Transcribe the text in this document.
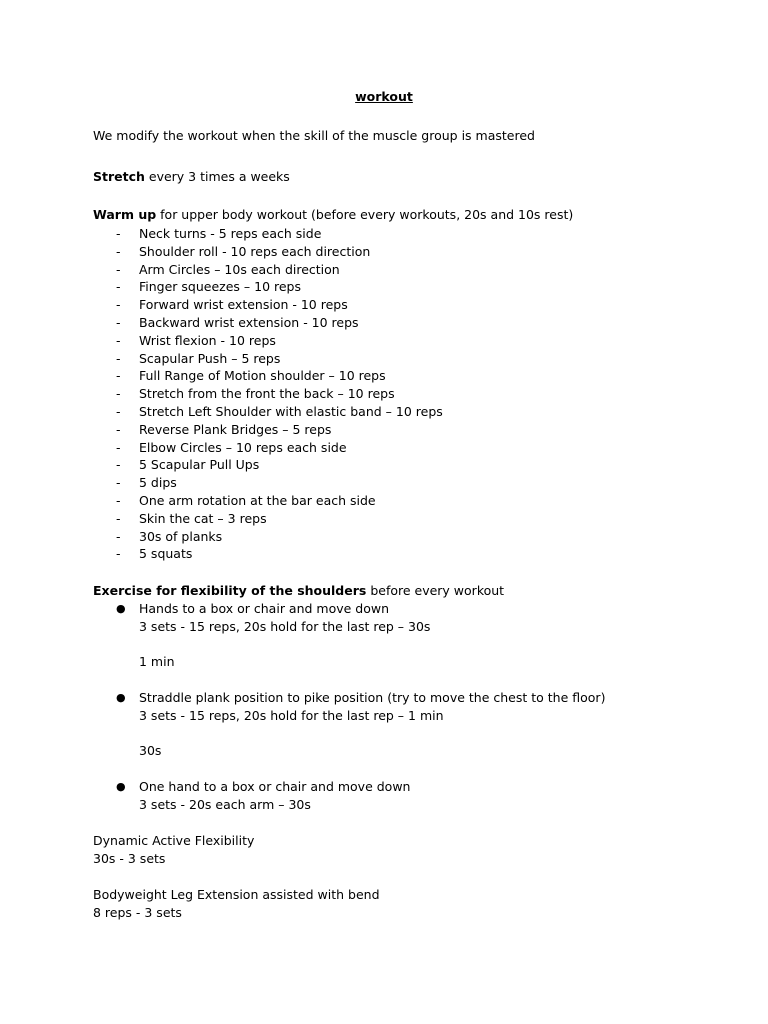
workout
We modify the workout when the skill of the muscle group is mastered
Stretch every 3 times a weeks
Warm up for upper body workout (before every workouts, 20s and 10s rest)
- Neck turns - 5 reps each side
- Shoulder roll - 10 reps each direction
- Arm Circles – 10s each direction
- Finger squeezes – 10 reps
- Forward wrist extension - 10 reps
- Backward wrist extension - 10 reps
- Wrist flexion - 10 reps
- Scapular Push – 5 reps
- Full Range of Motion shoulder – 10 reps
- Stretch from the front the back – 10 reps
- Stretch Left Shoulder with elastic band – 10 reps
- Reverse Plank Bridges – 5 reps
- Elbow Circles – 10 reps each side
- 5 Scapular Pull Ups
- 5 dips
- One arm rotation at the bar each side
- Skin the cat – 3 reps
- 30s of planks
- 5 squats
Exercise for flexibility of the shoulders before every workout
● Hands to a box or chair and move down
3 sets - 15 reps, 20s hold for the last rep – 30s
1 min
● Straddle plank position to pike position (try to move the chest to the floor)
3 sets - 15 reps, 20s hold for the last rep – 1 min
30s
● One hand to a box or chair and move down
3 sets - 20s each arm – 30s
Dynamic Active Flexibility
30s - 3 sets
Bodyweight Leg Extension assisted with bend
8 reps - 3 sets
